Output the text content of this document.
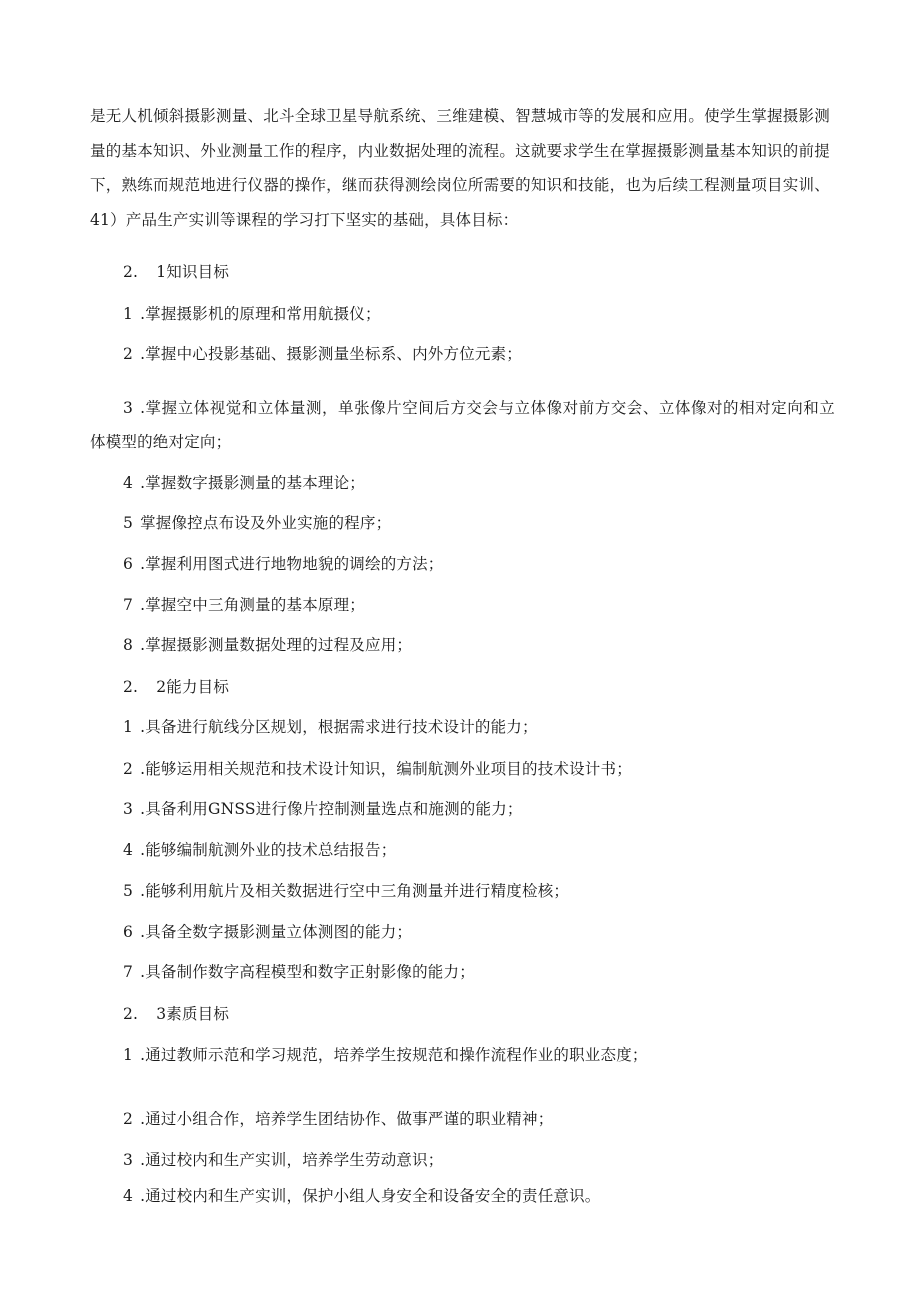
是无人机倾斜摄影测量、北斗全球卫星导航系统、三维建模、智慧城市等的发展和应用。使学生掌握摄影测量的基本知识、外业测量工作的程序，内业数据处理的流程。这就要求学生在掌握摄影测量基本知识的前提下，熟练而规范地进行仪器的操作，继而获得测绘岗位所需要的知识和技能，也为后续工程测量项目实训、41）产品生产实训等课程的学习打下坚实的基础，具体目标：
2. 1知识目标
1 .掌握摄影机的原理和常用航摄仪；
2 .掌握中心投影基础、摄影测量坐标系、内外方位元素；
3 .掌握立体视觉和立体量测，单张像片空间后方交会与立体像对前方交会、立体像对的相对定向和立体模型的绝对定向；
4 .掌握数字摄影测量的基本理论；
5 掌握像控点布设及外业实施的程序；
6 .掌握利用图式进行地物地貌的调绘的方法；
7 .掌握空中三角测量的基本原理；
8 .掌握摄影测量数据处理的过程及应用；
2. 2能力目标
1 .具备进行航线分区规划，根据需求进行技术设计的能力；
2 .能够运用相关规范和技术设计知识，编制航测外业项目的技术设计书；
3 .具备利用GNSS进行像片控制测量选点和施测的能力；
4 .能够编制航测外业的技术总结报告；
5 .能够利用航片及相关数据进行空中三角测量并进行精度检核；
6 .具备全数字摄影测量立体测图的能力；
7 .具备制作数字高程模型和数字正射影像的能力；
2. 3素质目标
1 .通过教师示范和学习规范，培养学生按规范和操作流程作业的职业态度；
2 .通过小组合作，培养学生团结协作、做事严谨的职业精神；
3 .通过校内和生产实训，培养学生劳动意识；
4 .通过校内和生产实训，保护小组人身安全和设备安全的责任意识。
